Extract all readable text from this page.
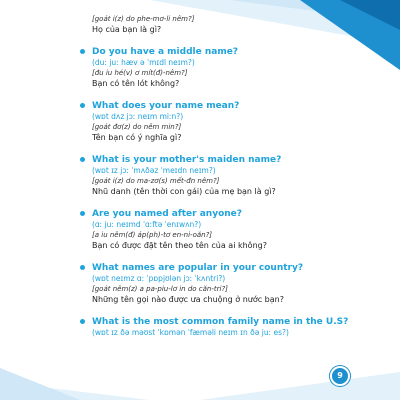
[goát i(z) do phe-mơ-li nêm?]
Họ của bạn là gì?
Do you have a middle name?
(duː juː hæv ə ˈmɪdl neɪm?)
[đu iu hé(v) ơ mít(đ)-nêm?]
Bạn có tên lót không?
What does your name mean?
(wɒt dʌz jɔː neɪm miːn?)
[goát đơ(z) do nêm min?]
Tên bạn có ý nghĩa gì?
What is your mother's maiden name?
(wɒt ɪz jɔː ˈmʌðəz ˈmeɪdn neɪm?)
[goát i(z) do ma-zơ(s) mết-đn nêm?]
Nhũ danh (tên thời con gái) của mẹ bạn là gì?
Are you named after anyone?
(ɑː juː neɪmd ˈɑːftə ˈenɪwʌn?)
[a iu nêm(đ) áp(ph)-tơ en-ni-oăn?]
Bạn có được đặt tên theo tên của ai không?
What names are popular in your country?
(wɒt neɪmz ɑː ˈpɒpjʊlən jɔː ˈkʌntri?)
[goát nêm(z) a pa-piu-lơ in do căn-tri?]
Những tên gọi nào được ưa chuộng ở nước bạn?
What is the most common family name in the U.S?
(wɒt ɪz ðə məʊst ˈkɒmən ˈfæməli neɪm ɪn ðə juː es?)
9
